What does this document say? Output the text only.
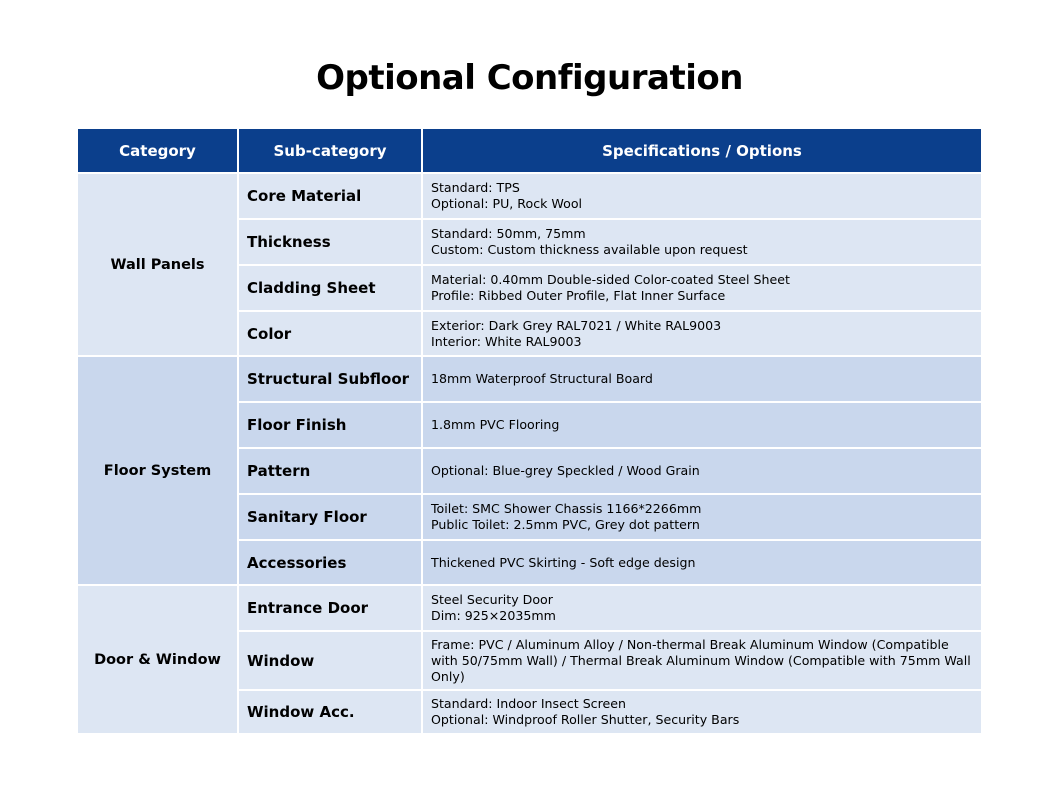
Optional Configuration
Category	Sub-category	Specifications / Options
Wall Panels	Core Material	Standard: TPS
Optional: PU, Rock Wool

	Thickness	Standard: 50mm, 75mm
Custom: Custom thickness available upon request

	Cladding Sheet	Material: 0.40mm Double-sided Color-coated Steel Sheet
Profile: Ribbed Outer Profile, Flat Inner Surface

	Color	Exterior: Dark Grey RAL7021 / White RAL9003
Interior: White RAL9003

Floor System	Structural Subfloor	18mm Waterproof Structural Board

	Floor Finish	1.8mm PVC Flooring

	Pattern	Optional: Blue-grey Speckled / Wood Grain

	Sanitary Floor	Toilet: SMC Shower Chassis 1166*2266mm
Public Toilet: 2.5mm PVC, Grey dot pattern

	Accessories	Thickened PVC Skirting - Soft edge design

Door & Window	Entrance Door	Steel Security Door
Dim: 925×2035mm

	Window	Frame: PVC / Aluminum Alloy / Non-thermal Break Aluminum Window (Compatible with 50/75mm Wall) / Thermal Break Aluminum Window (Compatible with 75mm Wall Only)

	Window Acc.	Standard: Indoor Insect Screen
Optional: Windproof Roller Shutter, Security Bars
